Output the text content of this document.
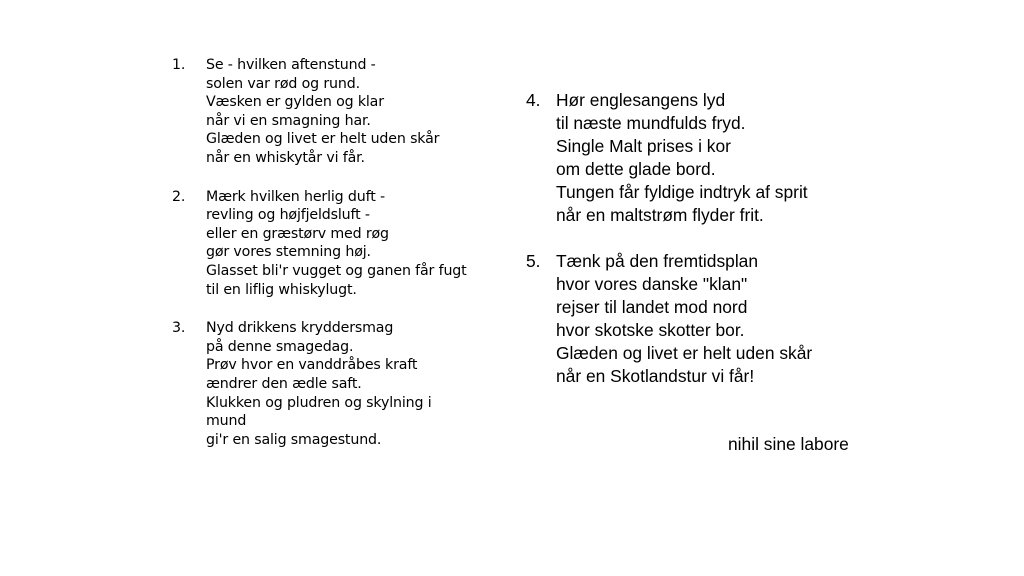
1. Se - hvilken aftenstund -
solen var rød og rund.
Væsken er gylden og klar
når vi en smagning har.
Glæden og livet er helt uden skår
når en whiskytår vi får.
2. Mærk hvilken herlig duft -
revling og højfjeldsluft -
eller en græstørv med røg
gør vores stemning høj.
Glasset bli'r vugget og ganen får fugt
til en liflig whiskylugt.
3. Nyd drikkens kryddersmag
på denne smagedag.
Prøv hvor en vanddråbes kraft
ændrer den ædle saft.
Klukken og pludren og skylning i
mund
gi'r en salig smagestund.
4. Hør englesangens lyd
til næste mundfulds fryd.
Single Malt prises i kor
om dette glade bord.
Tungen får fyldige indtryk af sprit
når en maltstrøm flyder frit.
5. Tænk på den fremtidsplan
hvor vores danske "klan"
rejser til landet mod nord
hvor skotske skotter bor.
Glæden og livet er helt uden skår
når en Skotlandstur vi får!
nihil sine labore
